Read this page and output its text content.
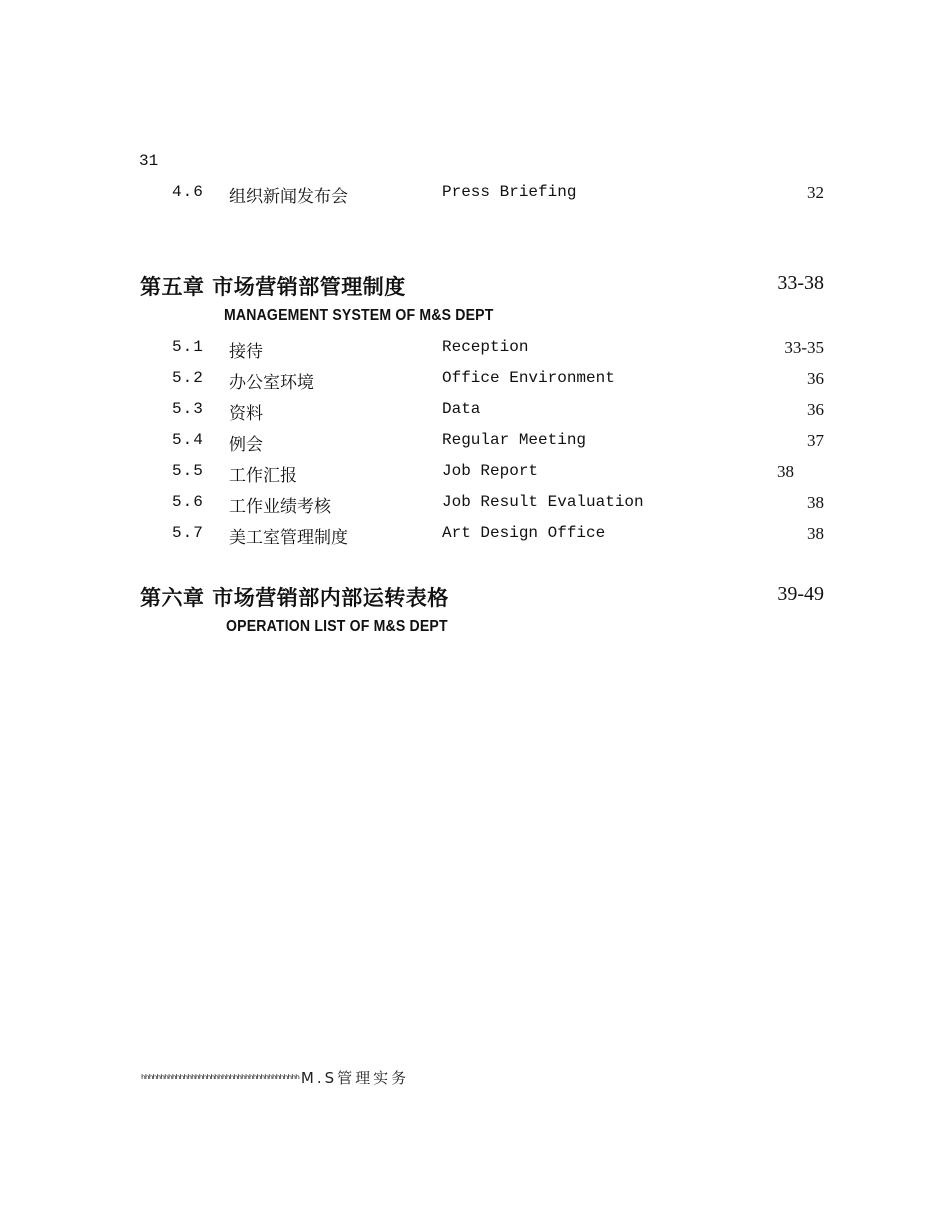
31
4.6 组织新闻发布会	Press Briefing	32
第五章 市场营销部管理制度	33-38
MANAGEMENT SYSTEM OF M&S DEPT
5.1 接待	Reception	33-35
5.2 办公室环境	Office Environment	36
5.3 资料	Data	36
5.4 例会	Regular Meeting	37
5.5 工作汇报	Job Report	38
5.6 工作业绩考核	Job Result Evaluation	38
5.7 美工室管理制度	Art Design Office	38
第六章 市场营销部内部运转表格	39-49
OPERATION LIST OF M&S DEPT
ʰʰʰʰʰʰʰʰʰʰʰʰʰʰʰʰʰʰʰʰʰʰʰʰʰʰʰʰʰʰʰʰʰʰʰʰʰʰʰʰʰ M.S管理实务
